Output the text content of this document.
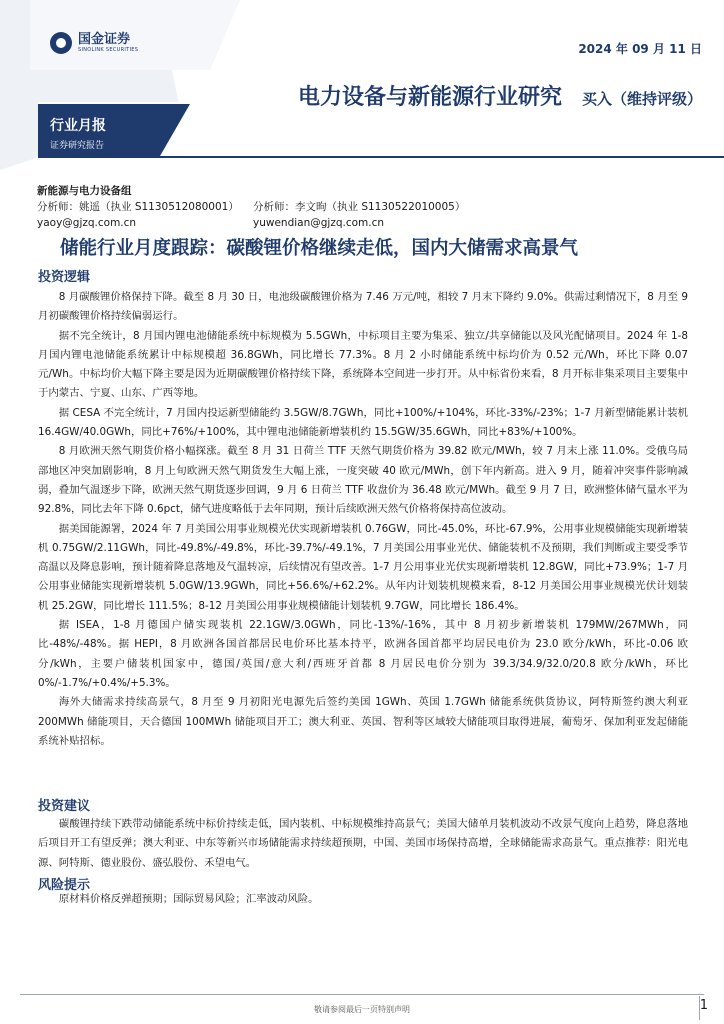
国金证券
SINOLINK SECURITIES	2024 年 09 月 11 日
电力设备与新能源行业研究 买入（维持评级）
行业月报
证券研究报告
新能源与电力设备组
分析师：姚遥（执业 S1130512080001）	分析师：李文昫（执业 S1130522010005）
yaoy@gjzq.com.cn	yuwendian@gjzq.com.cn
储能行业月度跟踪：碳酸锂价格继续走低，国内大储需求高景气
投资逻辑

8 月碳酸锂价格保持下降。截至 8 月 30 日，电池级碳酸锂价格为 7.46 万元/吨，相较 7 月末下降约 9.0%。供需过剩情况下，8 月至 9 月初碳酸锂价格持续偏弱运行。

据不完全统计，8 月国内锂电池储能系统中标规模为 5.5GWh，中标项目主要为集采、独立/共享储能以及风光配储项目。2024 年 1-8 月国内锂电池储能系统累计中标规模超 36.8GWh，同比增长 77.3%。8 月 2 小时储能系统中标均价为 0.52 元/Wh，环比下降 0.07 元/Wh。中标均价大幅下降主要是因为近期碳酸锂价格持续下降，系统降本空间进一步打开。从中标省份来看，8 月开标非集采项目主要集中于内蒙古、宁夏、山东、广西等地。

据 CESA 不完全统计，7 月国内投运新型储能约 3.5GW/8.7GWh，同比+100%/+104%，环比-33%/-23%；1-7 月新型储能累计装机 16.4GW/40.0GWh，同比+76%/+100%，其中锂电池储能新增装机约 15.5GW/35.6GWh，同比+83%/+100%。

8 月欧洲天然气期货价格小幅探涨。截至 8 月 31 日荷兰 TTF 天然气期货价格为 39.82 欧元/MWh，较 7 月末上涨 11.0%。受俄乌局部地区冲突加剧影响，8 月上旬欧洲天然气期货发生大幅上涨，一度突破 40 欧元/MWh，创下年内新高。进入 9 月，随着冲突事件影响减弱，叠加气温逐步下降，欧洲天然气期货逐步回调，9 月 6 日荷兰 TTF 收盘价为 36.48 欧元/MWh。截至 9 月 7 日，欧洲整体储气量水平为 92.8%，同比去年下降 0.6pct，储气进度略低于去年同期，预计后续欧洲天然气价格将保持高位波动。

据美国能源署，2024 年 7 月美国公用事业规模光伏实现新增装机 0.76GW，同比-45.0%，环比-67.9%，公用事业规模储能实现新增装机 0.75GW/2.11GWh，同比-49.8%/-49.8%，环比-39.7%/-49.1%，7 月美国公用事业光伏、储能装机不及预期，我们判断或主要受季节高温以及降息影响，预计随着降息落地及气温转凉，后续情况有望改善。1-7 月公用事业光伏实现新增装机 12.8GW，同比+73.9%；1-7 月公用事业储能实现新增装机 5.0GW/13.9GWh，同比+56.6%/+62.2%。从年内计划装机规模来看，8-12 月美国公用事业规模光伏计划装机 25.2GW，同比增长 111.5%；8-12 月美国公用事业规模储能计划装机 9.7GW，同比增长 186.4%。

据 ISEA，1-8 月德国户储实现装机 22.1GW/3.0GWh，同比-13%/-16%，其中 8 月初步新增装机 179MW/267MWh，同比-48%/-48%。据 HEPI，8 月欧洲各国首都居民电价环比基本持平，欧洲各国首都平均居民电价为 23.0 欧分/kWh，环比-0.06 欧分/kWh，主要户储装机国家中，德国/英国/意大利/西班牙首都 8 月居民电价分别为 39.3/34.9/32.0/20.8 欧分/kWh，环比 0%/-1.7%/+0.4%/+5.3%。

海外大储需求持续高景气，8 月至 9 月初阳光电源先后签约美国 1GWh、英国 1.7GWh 储能系统供货协议，阿特斯签约澳大利亚 200MWh 储能项目，天合德国 100MWh 储能项目开工；澳大利亚、英国、智利等区域较大储能项目取得进展，葡萄牙、保加利亚发起储能系统补贴招标。

投资建议

碳酸锂持续下跌带动储能系统中标价持续走低，国内装机、中标规模维持高景气；美国大储单月装机波动不改景气度向上趋势，降息落地后项目开工有望反弹；澳大利亚、中东等新兴市场储能需求持续超预期，中国、美国市场保持高增，全球储能需求高景气。重点推荐：阳光电源、阿特斯、德业股份、盛弘股份、禾望电气。

风险提示

原材料价格反弹超预期；国际贸易风险；汇率波动风险。

敬请参阅最后一页特别声明	1
